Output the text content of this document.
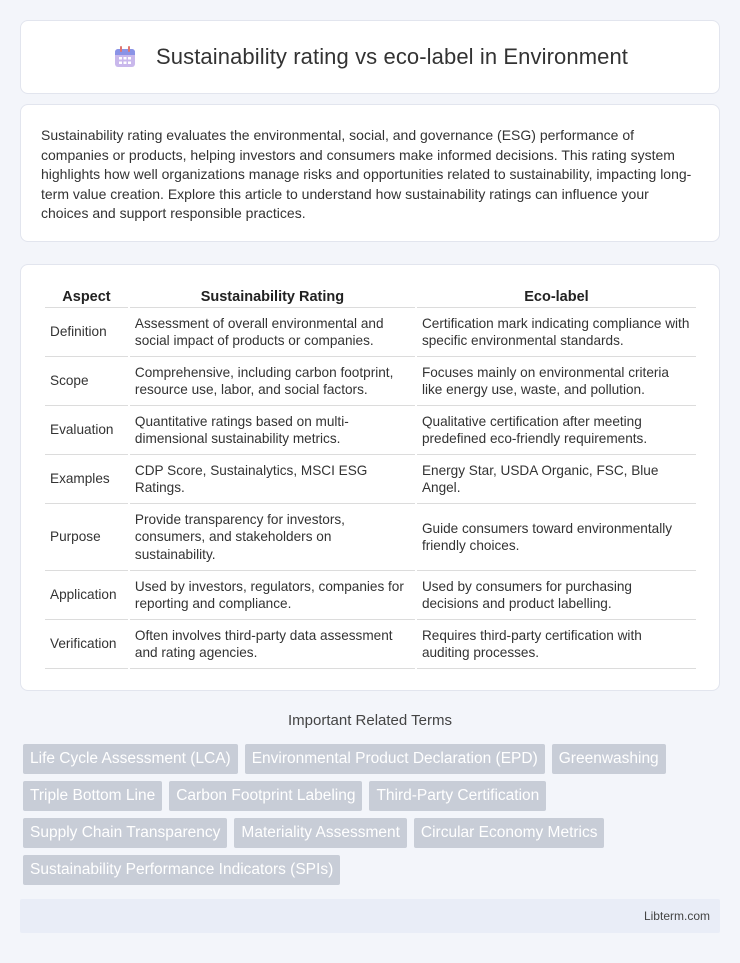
Sustainability rating vs eco-label in Environment

Sustainability rating evaluates the environmental, social, and governance (ESG) performance of companies or products, helping investors and consumers make informed decisions. This rating system highlights how well organizations manage risks and opportunities related to sustainability, impacting long-term value creation. Explore this article to understand how sustainability ratings can influence your choices and support responsible practices.

Aspect	Sustainability Rating	Eco-label
Definition	Assessment of overall environmental and social impact of products or companies.	Certification mark indicating compliance with specific environmental standards.
Scope	Comprehensive, including carbon footprint, resource use, labor, and social factors.	Focuses mainly on environmental criteria like energy use, waste, and pollution.
Evaluation	Quantitative ratings based on multi-dimensional sustainability metrics.	Qualitative certification after meeting predefined eco-friendly requirements.
Examples	CDP Score, Sustainalytics, MSCI ESG Ratings.	Energy Star, USDA Organic, FSC, Blue Angel.
Purpose	Provide transparency for investors, consumers, and stakeholders on sustainability.	Guide consumers toward environmentally friendly choices.
Application	Used by investors, regulators, companies for reporting and compliance.	Used by consumers for purchasing decisions and product labelling.
Verification	Often involves third-party data assessment and rating agencies.	Requires third-party certification with auditing processes.
Important Related Terms
Life Cycle Assessment (LCA)	Environmental Product Declaration (EPD)	Greenwashing
Triple Bottom Line	Carbon Footprint Labeling	Third-Party Certification
Supply Chain Transparency	Materiality Assessment	Circular Economy Metrics
Sustainability Performance Indicators (SPIs)
Libterm.com
